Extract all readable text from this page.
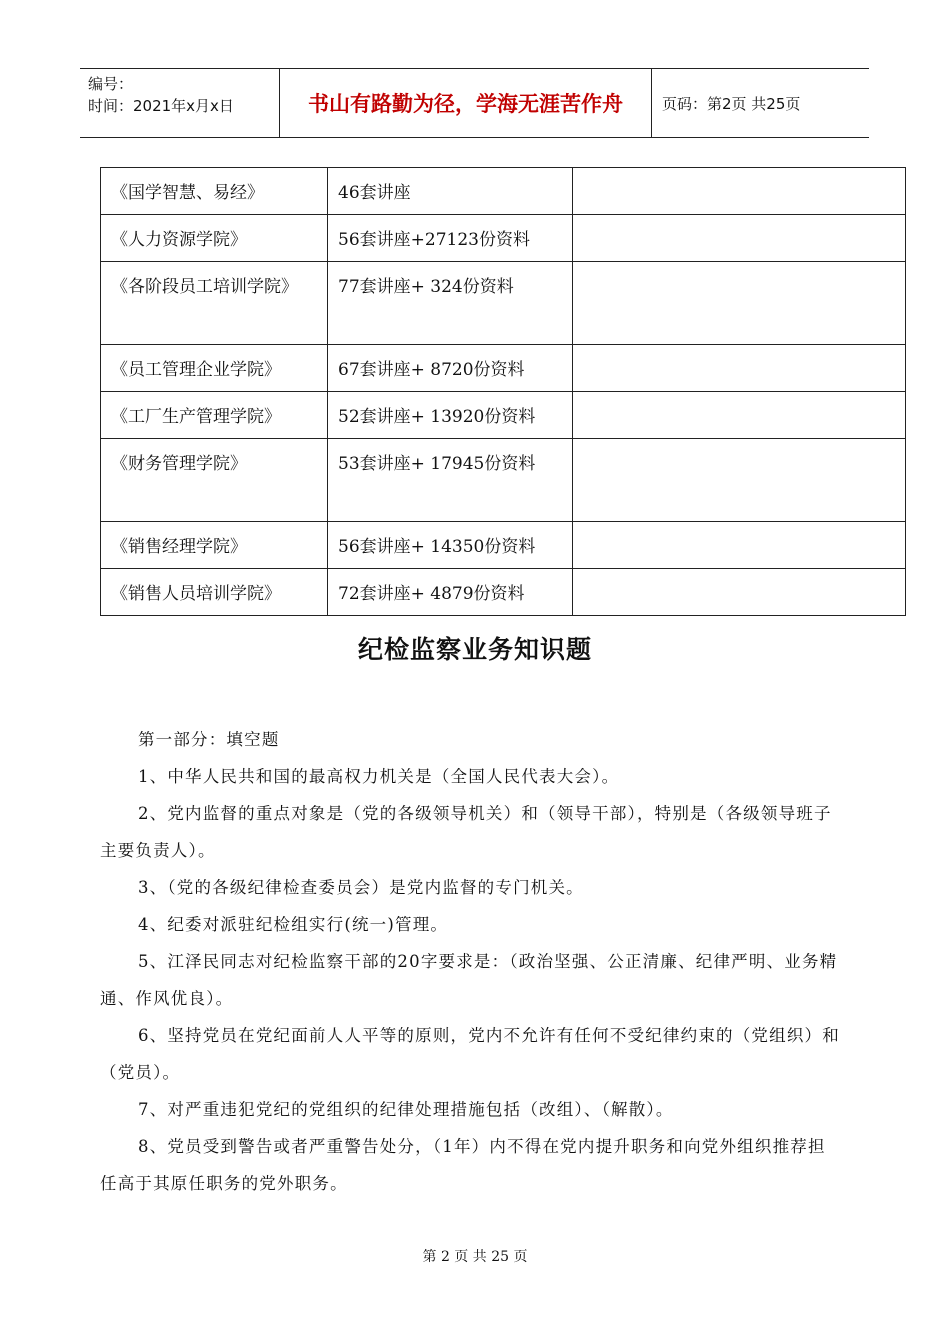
编号：
时间：2021年x月x日	书山有路勤为径，学海无涯苦作舟	页码：第2页 共25页
《国学智慧、易经》	46套讲座	
《人力资源学院》	56套讲座+27123份资料	
《各阶段员工培训学院》	77套讲座+ 324份资料	
《员工管理企业学院》	67套讲座+ 8720份资料	
《工厂生产管理学院》	52套讲座+ 13920份资料	
《财务管理学院》	53套讲座+ 17945份资料	
《销售经理学院》	56套讲座+ 14350份资料	
《销售人员培训学院》	72套讲座+ 4879份资料	
纪检监察业务知识题

第一部分：填空题

1、中华人民共和国的最高权力机关是（全国人民代表大会）。

2、党内监督的重点对象是（党的各级领导机关）和（领导干部），特别是（各级领导班子主要负责人）。

3、（党的各级纪律检查委员会）是党内监督的专门机关。

4、纪委对派驻纪检组实行(统一)管理。

5、江泽民同志对纪检监察干部的20字要求是：（政治坚强、公正清廉、纪律严明、业务精通、作风优良）。

6、坚持党员在党纪面前人人平等的原则，党内不允许有任何不受纪律约束的（党组织）和（党员）。

7、对严重违犯党纪的党组织的纪律处理措施包括（改组）、（解散）。

8、党员受到警告或者严重警告处分，（1年）内不得在党内提升职务和向党外组织推荐担任高于其原任职务的党外职务。

第 2 页 共 25 页
